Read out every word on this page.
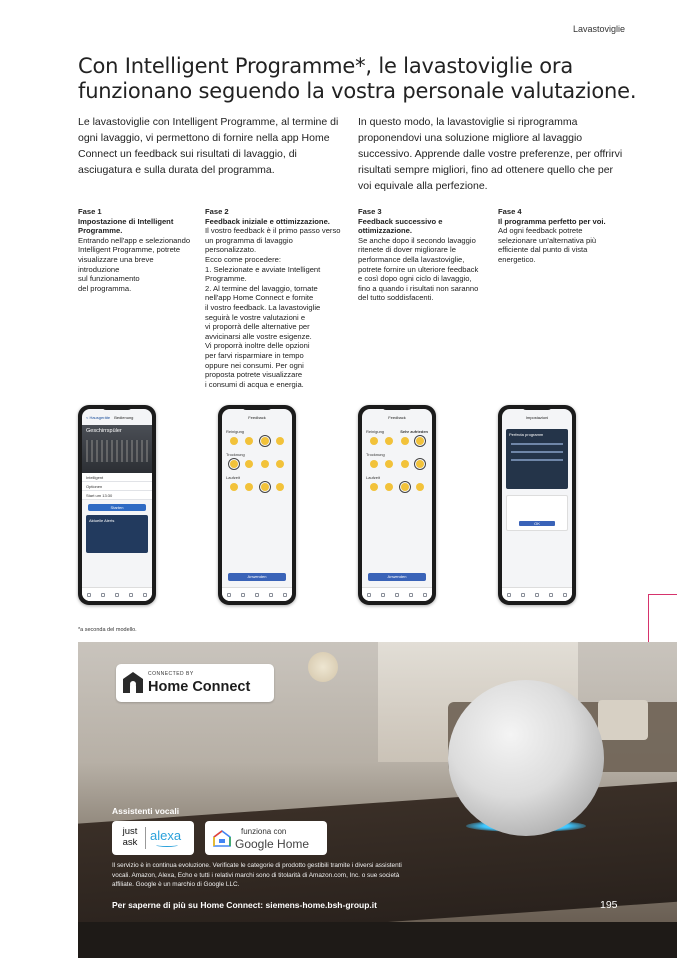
Lavastoviglie
Con Intelligent Programme*, le lavastoviglie ora funzionano seguendo la vostra personale valutazione.

Le lavastoviglie con Intelligent Programme, al termine di ogni lavaggio, vi permettono di fornire nella app Home Connect un feedback sui risultati di lavaggio, di asciugatura e sulla durata del programma.

In questo modo, la lavastoviglie si riprogramma proponendovi una soluzione migliore al lavaggio successivo. Apprende dalle vostre preferenze, per offrirvi risultati sempre migliori, fino ad ottenere quello che per voi equivale alla perfezione.

Fase 1
Impostazione di Intelligent Programme.
Entrando nell'app e selezionando Intelligent Programme, potrete visualizzare una breve introduzione
sul funzionamento
del programma.
Fase 2
Feedback iniziale e ottimizzazione.
Il vostro feedback è il primo passo verso un programma di lavaggio personalizzato.
Ecco come procedere:
1. Selezionate e avviate Intelligent
Programme.
2. Al termine del lavaggio, tornate
nell'app Home Connect e fornite
il vostro feedback. La lavastoviglie
seguirà le vostre valutazioni e
vi proporrà delle alternative per
avvicinarsi alle vostre esigenze.
Vi proporrà inoltre delle opzioni
per farvi risparmiare in tempo
oppure nei consumi. Per ogni
proposta potrete visualizzare
i consumi di acqua e energia.
Fase 3
Feedback successivo e ottimizzazione.
Se anche dopo il secondo lavaggio ritenete di dover migliorare le performance della lavastoviglie, potrete fornire un ulteriore feedback e così dopo ogni ciclo di lavaggio, fino a quando i risultati non saranno del tutto soddisfacenti.
Fase 4
Il programma perfetto per voi.
Ad ogni feedback potrete selezionare un'alternativa più efficiente dal punto di vista energetico.
< Hausgeräte Bedienung
Geschirrspüler
Intelligent
Optionen
Start um 13:30
Starten
Aktuelle Alerts
Feedback
Reinigung
Trocknung
Laufzeit
Anwenden
Feedback
Reinigung	Sehr zufrieden
Trocknung
Laufzeit
Anwenden
Impostazioni
Perfecta programm
OK
*a seconda del modello.
CONNECTED BY
Home Connect
Assistenti vocali
just
ask alexa	funziona con
Google Home

Il servizio è in continua evoluzione. Verificate le categorie di prodotto gestibili tramite i diversi assistenti vocali. Amazon, Alexa, Echo e tutti i relativi marchi sono di titolarità di Amazon.com, Inc. o sue società affiliate. Google è un marchio di Google LLC.

Per saperne di più su Home Connect: siemens-home.bsh-group.it	195
